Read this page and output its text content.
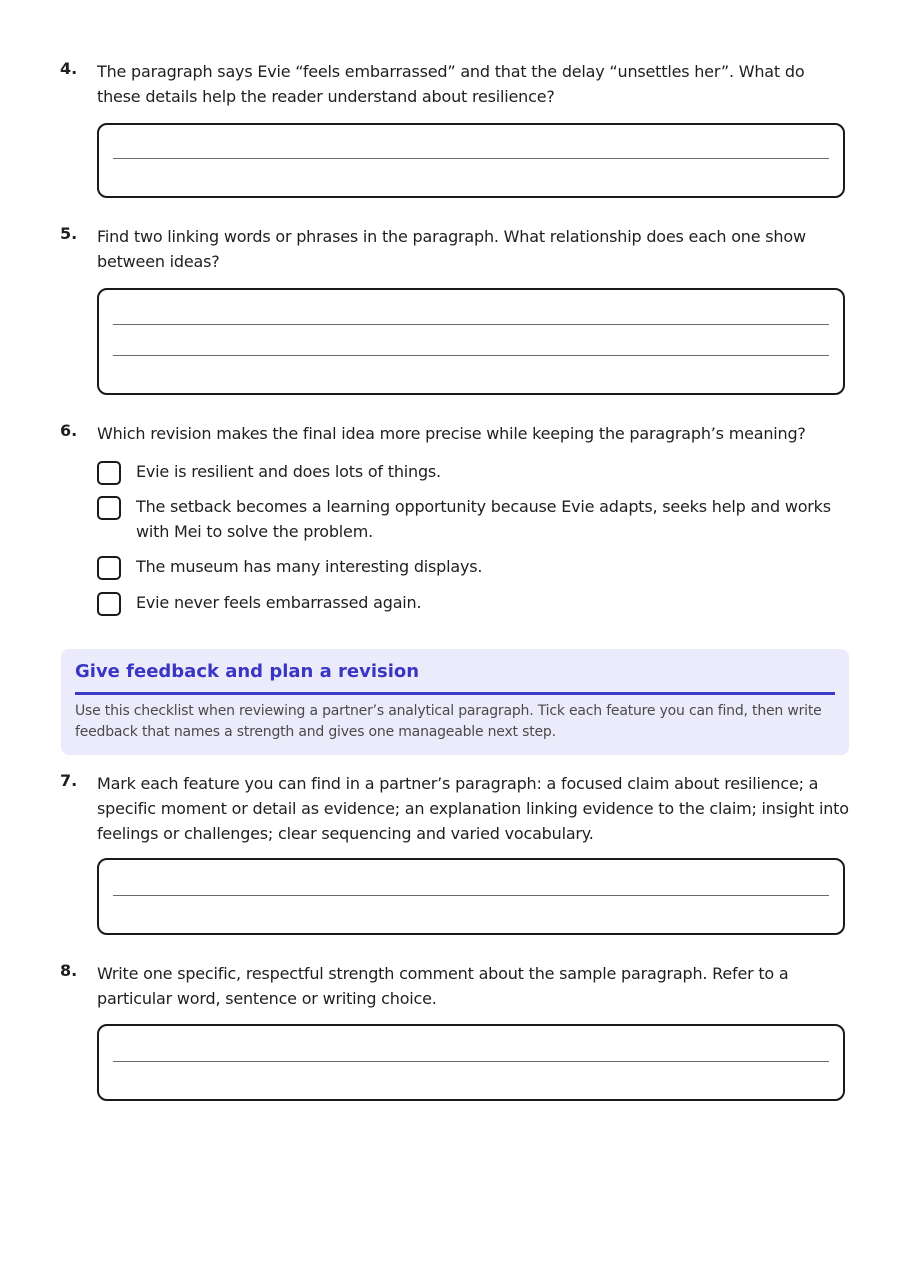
4. The paragraph says Evie “feels embarrassed” and that the delay “unsettles her”. What do these details help the reader understand about resilience?
5. Find two linking words or phrases in the paragraph. What relationship does each one show between ideas?
6. Which revision makes the final idea more precise while keeping the paragraph’s meaning?
Evie is resilient and does lots of things.
The setback becomes a learning opportunity because Evie adapts, seeks help and works with Mei to solve the problem.
The museum has many interesting displays.
Evie never feels embarrassed again.
Give feedback and plan a revision
Use this checklist when reviewing a partner’s analytical paragraph. Tick each feature you can find, then write feedback that names a strength and gives one manageable next step.
7. Mark each feature you can find in a partner’s paragraph: a focused claim about resilience; a specific moment or detail as evidence; an explanation linking evidence to the claim; insight into feelings or challenges; clear sequencing and varied vocabulary.
8. Write one specific, respectful strength comment about the sample paragraph. Refer to a particular word, sentence or writing choice.
